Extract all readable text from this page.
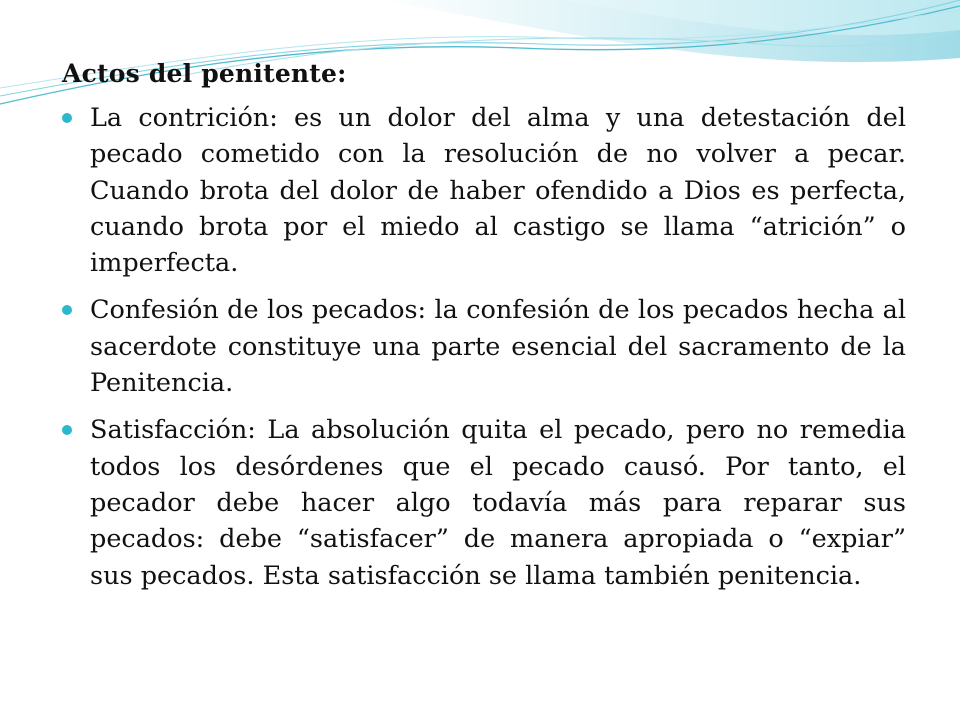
Actos del penitente:
La contrición: es un dolor del alma y una detestación del pecado cometido con la resolución de no volver a pecar. Cuando brota del dolor de haber ofendido a Dios es perfecta, cuando brota por el miedo al castigo se llama “atrición” o imperfecta.
Confesión de los pecados: la confesión de los pecados hecha al sacerdote constituye una parte esencial del sacramento de la Penitencia.
Satisfacción: La absolución quita el pecado, pero no remedia todos los desórdenes que el pecado causó. Por tanto, el pecador debe hacer algo todavía más para reparar sus pecados: debe “satisfacer” de manera apropiada o “expiar” sus pecados. Esta satisfacción se llama también penitencia.
